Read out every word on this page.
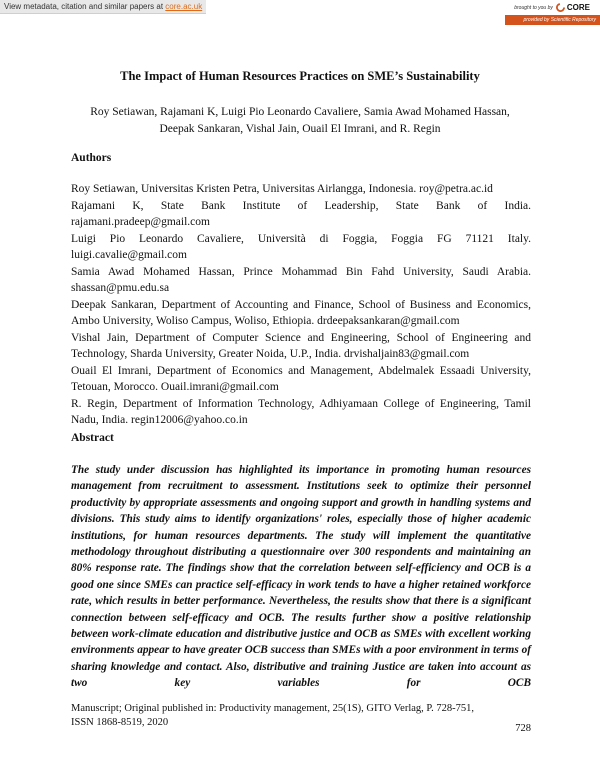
View metadata, citation and similar papers at core.ac.uk	brought to you by CORE
provided by Scientific Repository
The Impact of Human Resources Practices on SME’s Sustainability
Roy Setiawan, Rajamani K, Luigi Pio Leonardo Cavaliere, Samia Awad Mohamed Hassan,
Deepak Sankaran, Vishal Jain, Ouail El Imrani, and R. Regin
Authors

Roy Setiawan, Universitas Kristen Petra, Universitas Airlangga, Indonesia. roy@petra.ac.id

Rajamani K, State Bank Institute of Leadership, State Bank of India.

rajamani.pradeep@gmail.com

Luigi Pio Leonardo Cavaliere, Università di Foggia, Foggia FG 71121 Italy.

luigi.cavalie@gmail.com

Samia Awad Mohamed Hassan, Prince Mohammad Bin Fahd University, Saudi Arabia.

shassan@pmu.edu.sa

Deepak Sankaran, Department of Accounting and Finance, School of Business and Economics,

Ambo University, Woliso Campus, Woliso, Ethiopia. drdeepaksankaran@gmail.com

Vishal Jain, Department of Computer Science and Engineering, School of Engineering and

Technology, Sharda University, Greater Noida, U.P., India. drvishaljain83@gmail.com

Ouail El Imrani, Department of Economics and Management, Abdelmalek Essaadi University,

Tetouan, Morocco. Ouail.imrani@gmail.com

R. Regin, Department of Information Technology, Adhiyamaan College of Engineering, Tamil

Nadu, India. regin12006@yahoo.co.in

Abstract
The study under discussion has highlighted its importance in promoting human resources management from recruitment to assessment. Institutions seek to optimize their personnel productivity by appropriate assessments and ongoing support and growth in handling systems and divisions. This study aims to identify organizations' roles, especially those of higher academic institutions, for human resources departments. The study will implement the quantitative methodology throughout distributing a questionnaire over 300 respondents and maintaining an 80% response rate. The findings show that the correlation between self-efficiency and OCB is a good one since SMEs can practice self-efficacy in work tends to have a higher retained workforce rate, which results in better performance. Nevertheless, the results show that there is a significant connection between self-efficacy and OCB. The results further show a positive relationship between work-climate education and distributive justice and OCB as SMEs with excellent working environments appear to have greater OCB success than SMEs with a poor environment in terms of sharing knowledge and contact. Also, distributive and training Justice are taken into account as two key variables for OCB
Manuscript; Original published in: Productivity management, 25(1S), GITO Verlag, P. 728-751,
ISSN 1868-8519, 2020
728
